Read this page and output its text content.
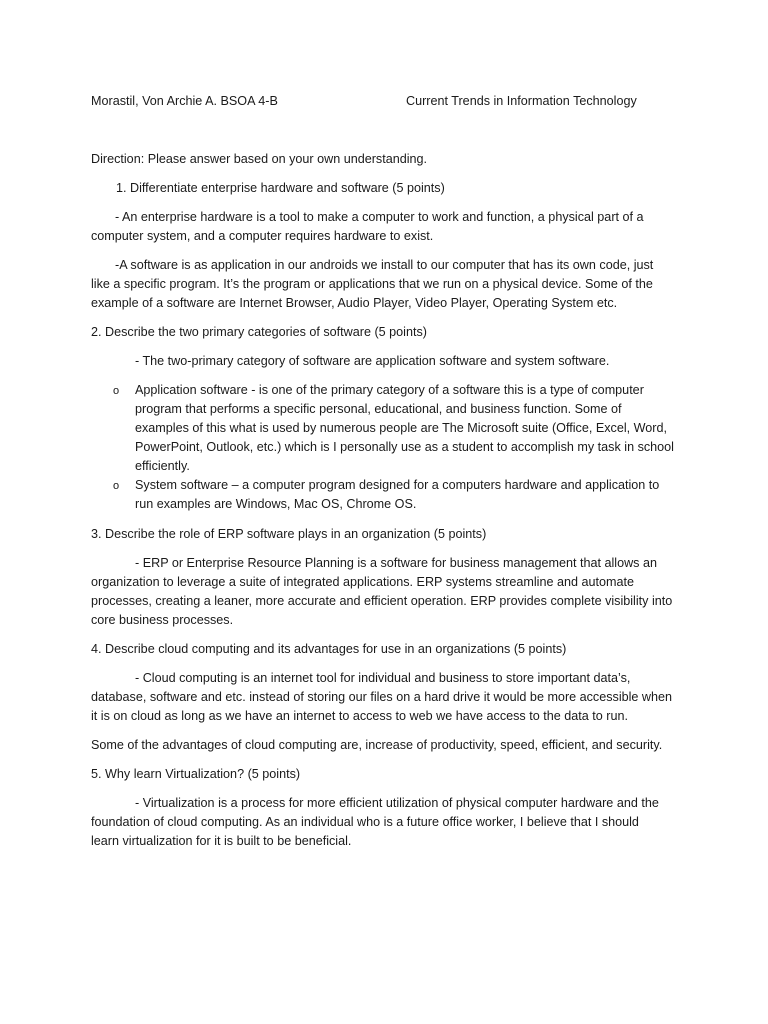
Morastil, Von Archie A. BSOA 4-B	Current Trends in Information Technology
Direction: Please answer based on your own understanding.
1. Differentiate enterprise hardware and software (5 points)
- An enterprise hardware is a tool to make a computer to work and function, a physical part of a
computer system, and a computer requires hardware to exist.
-A software is as application in our androids we install to our computer that has its own code, just
like a specific program. It’s the program or applications that we run on a physical device. Some of the
example of a software are Internet Browser, Audio Player, Video Player, Operating System etc.
2. Describe the two primary categories of software (5 points)
- The two-primary category of software are application software and system software.
o Application software - is one of the primary category of a software this is a type of computer
program that performs a specific personal, educational, and business function. Some of
examples of this what is used by numerous people are The Microsoft suite (Office, Excel, Word,
PowerPoint, Outlook, etc.) which is I personally use as a student to accomplish my task in school
efficiently.
o System software – a computer program designed for a computers hardware and application to
run examples are Windows, Mac OS, Chrome OS.
3. Describe the role of ERP software plays in an organization (5 points)
- ERP or Enterprise Resource Planning is a software for business management that allows an
organization to leverage a suite of integrated applications. ERP systems streamline and automate
processes, creating a leaner, more accurate and efficient operation. ERP provides complete visibility into
core business processes.
4. Describe cloud computing and its advantages for use in an organizations (5 points)
- Cloud computing is an internet tool for individual and business to store important data’s,
database, software and etc. instead of storing our files on a hard drive it would be more accessible when
it is on cloud as long as we have an internet to access to web we have access to the data to run.
Some of the advantages of cloud computing are, increase of productivity, speed, efficient, and security.
5. Why learn Virtualization? (5 points)
- Virtualization is a process for more efficient utilization of physical computer hardware and the
foundation of cloud computing. As an individual who is a future office worker, I believe that I should
learn virtualization for it is built to be beneficial.
